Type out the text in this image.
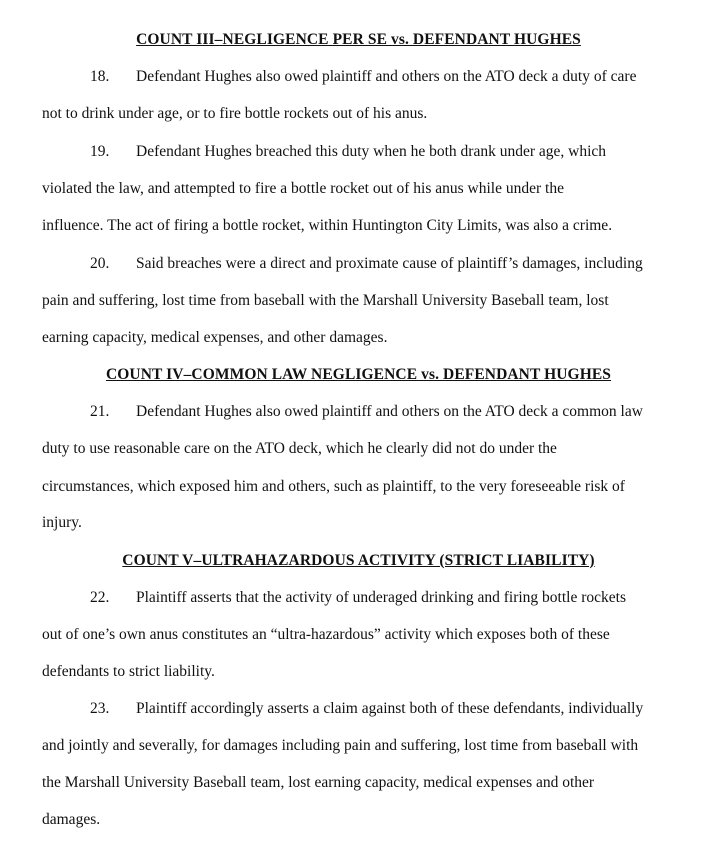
COUNT III–NEGLIGENCE PER SE vs. DEFENDANT HUGHES
18. Defendant Hughes also owed plaintiff and others on the ATO deck a duty of care
not to drink under age, or to fire bottle rockets out of his anus.
19. Defendant Hughes breached this duty when he both drank under age, which
violated the law, and attempted to fire a bottle rocket out of his anus while under the
influence. The act of firing a bottle rocket, within Huntington City Limits, was also a crime.
20. Said breaches were a direct and proximate cause of plaintiff’s damages, including
pain and suffering, lost time from baseball with the Marshall University Baseball team, lost
earning capacity, medical expenses, and other damages.
COUNT IV–COMMON LAW NEGLIGENCE vs. DEFENDANT HUGHES
21. Defendant Hughes also owed plaintiff and others on the ATO deck a common law
duty to use reasonable care on the ATO deck, which he clearly did not do under the
circumstances, which exposed him and others, such as plaintiff, to the very foreseeable risk of
injury.
COUNT V–ULTRAHAZARDOUS ACTIVITY (STRICT LIABILITY)
22. Plaintiff asserts that the activity of underaged drinking and firing bottle rockets
out of one’s own anus constitutes an “ultra-hazardous” activity which exposes both of these
defendants to strict liability.
23. Plaintiff accordingly asserts a claim against both of these defendants, individually
and jointly and severally, for damages including pain and suffering, lost time from baseball with
the Marshall University Baseball team, lost earning capacity, medical expenses and other
damages.
